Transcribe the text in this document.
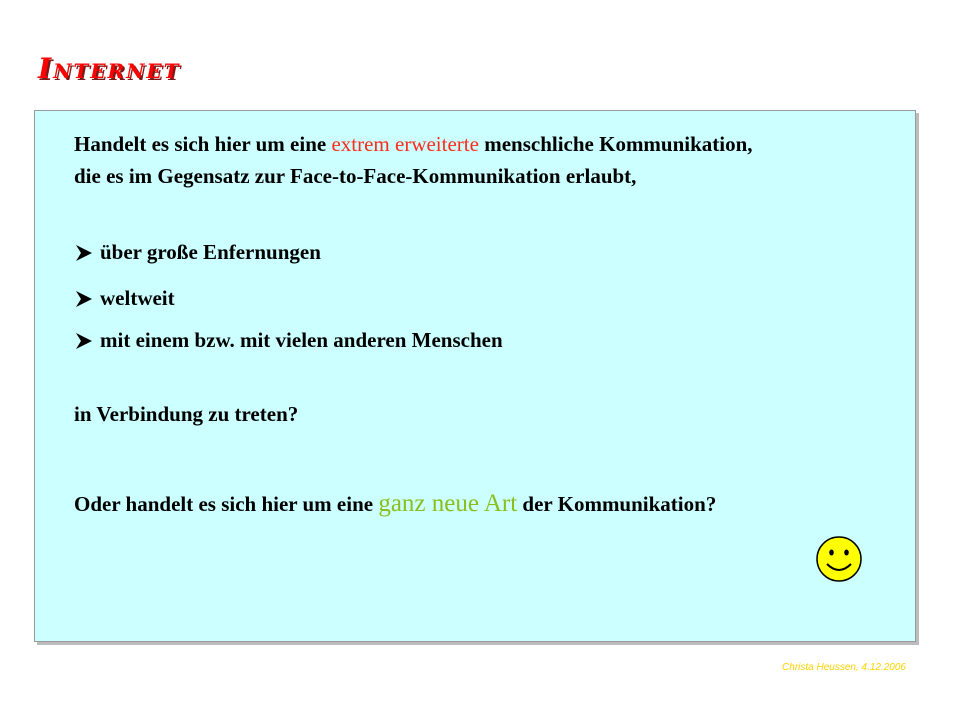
Internet
Handelt es sich hier um eine extrem erweiterte menschliche Kommunikation,
die es im Gegensatz zur Face-to-Face-Kommunikation erlaubt,
über große Enfernungen
weltweit
mit einem bzw. mit vielen anderen Menschen
in Verbindung zu treten?
Oder handelt es sich hier um eine ganz neue Art der Kommunikation?
Christa Heussen, 4.12.2006
